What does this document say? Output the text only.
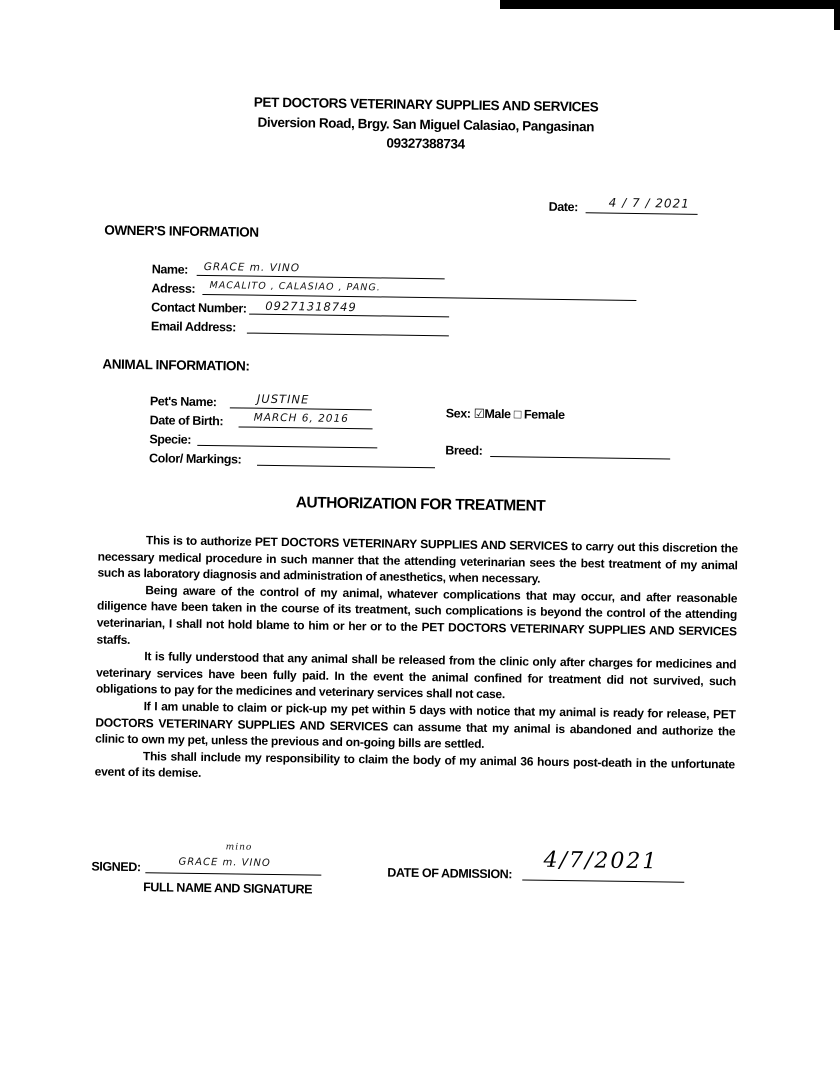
PET DOCTORS VETERINARY SUPPLIES AND SERVICES
Diversion Road, Brgy. San Miguel Calasiao, Pangasinan
09327388734
Date:	4 / 7 / 2021
OWNER'S INFORMATION
Name: GRACE m. VINO
Adress: MACALITO , CALASIAO , PANG.
Contact Number: 09271318749
Email Address:
ANIMAL INFORMATION:
Pet's Name:	JUSTINE
Date of Birth:	MARCH 6, 2016
Specie:
Color/ Markings:
Sex: ☑Male □ Female
Breed:
AUTHORIZATION FOR TREATMENT

This is to authorize PET DOCTORS VETERINARY SUPPLIES AND SERVICES to carry out this discretion the necessary medical procedure in such manner that the attending veterinarian sees the best treatment of my animal such as laboratory diagnosis and administration of anesthetics, when necessary.

Being aware of the control of my animal, whatever complications that may occur, and after reasonable diligence have been taken in the course of its treatment, such complications is beyond the control of the attending veterinarian, I shall not hold blame to him or her or to the PET DOCTORS VETERINARY SUPPLIES AND SERVICES staffs.

It is fully understood that any animal shall be released from the clinic only after charges for medicines and veterinary services have been fully paid. In the event the animal confined for treatment did not survived, such obligations to pay for the medicines and veterinary services shall not case.

If I am unable to claim or pick-up my pet within 5 days with notice that my animal is ready for release, PET DOCTORS VETERINARY SUPPLIES AND SERVICES can assume that my animal is abandoned and authorize the clinic to own my pet, unless the previous and on-going bills are settled.

This shall include my responsibility to claim the body of my animal 36 hours post-death in the unfortunate event of its demise.

SIGNED:	GRACE m. VINO
mino
FULL NAME AND SIGNATURE
DATE OF ADMISSION: 4/7/2021
